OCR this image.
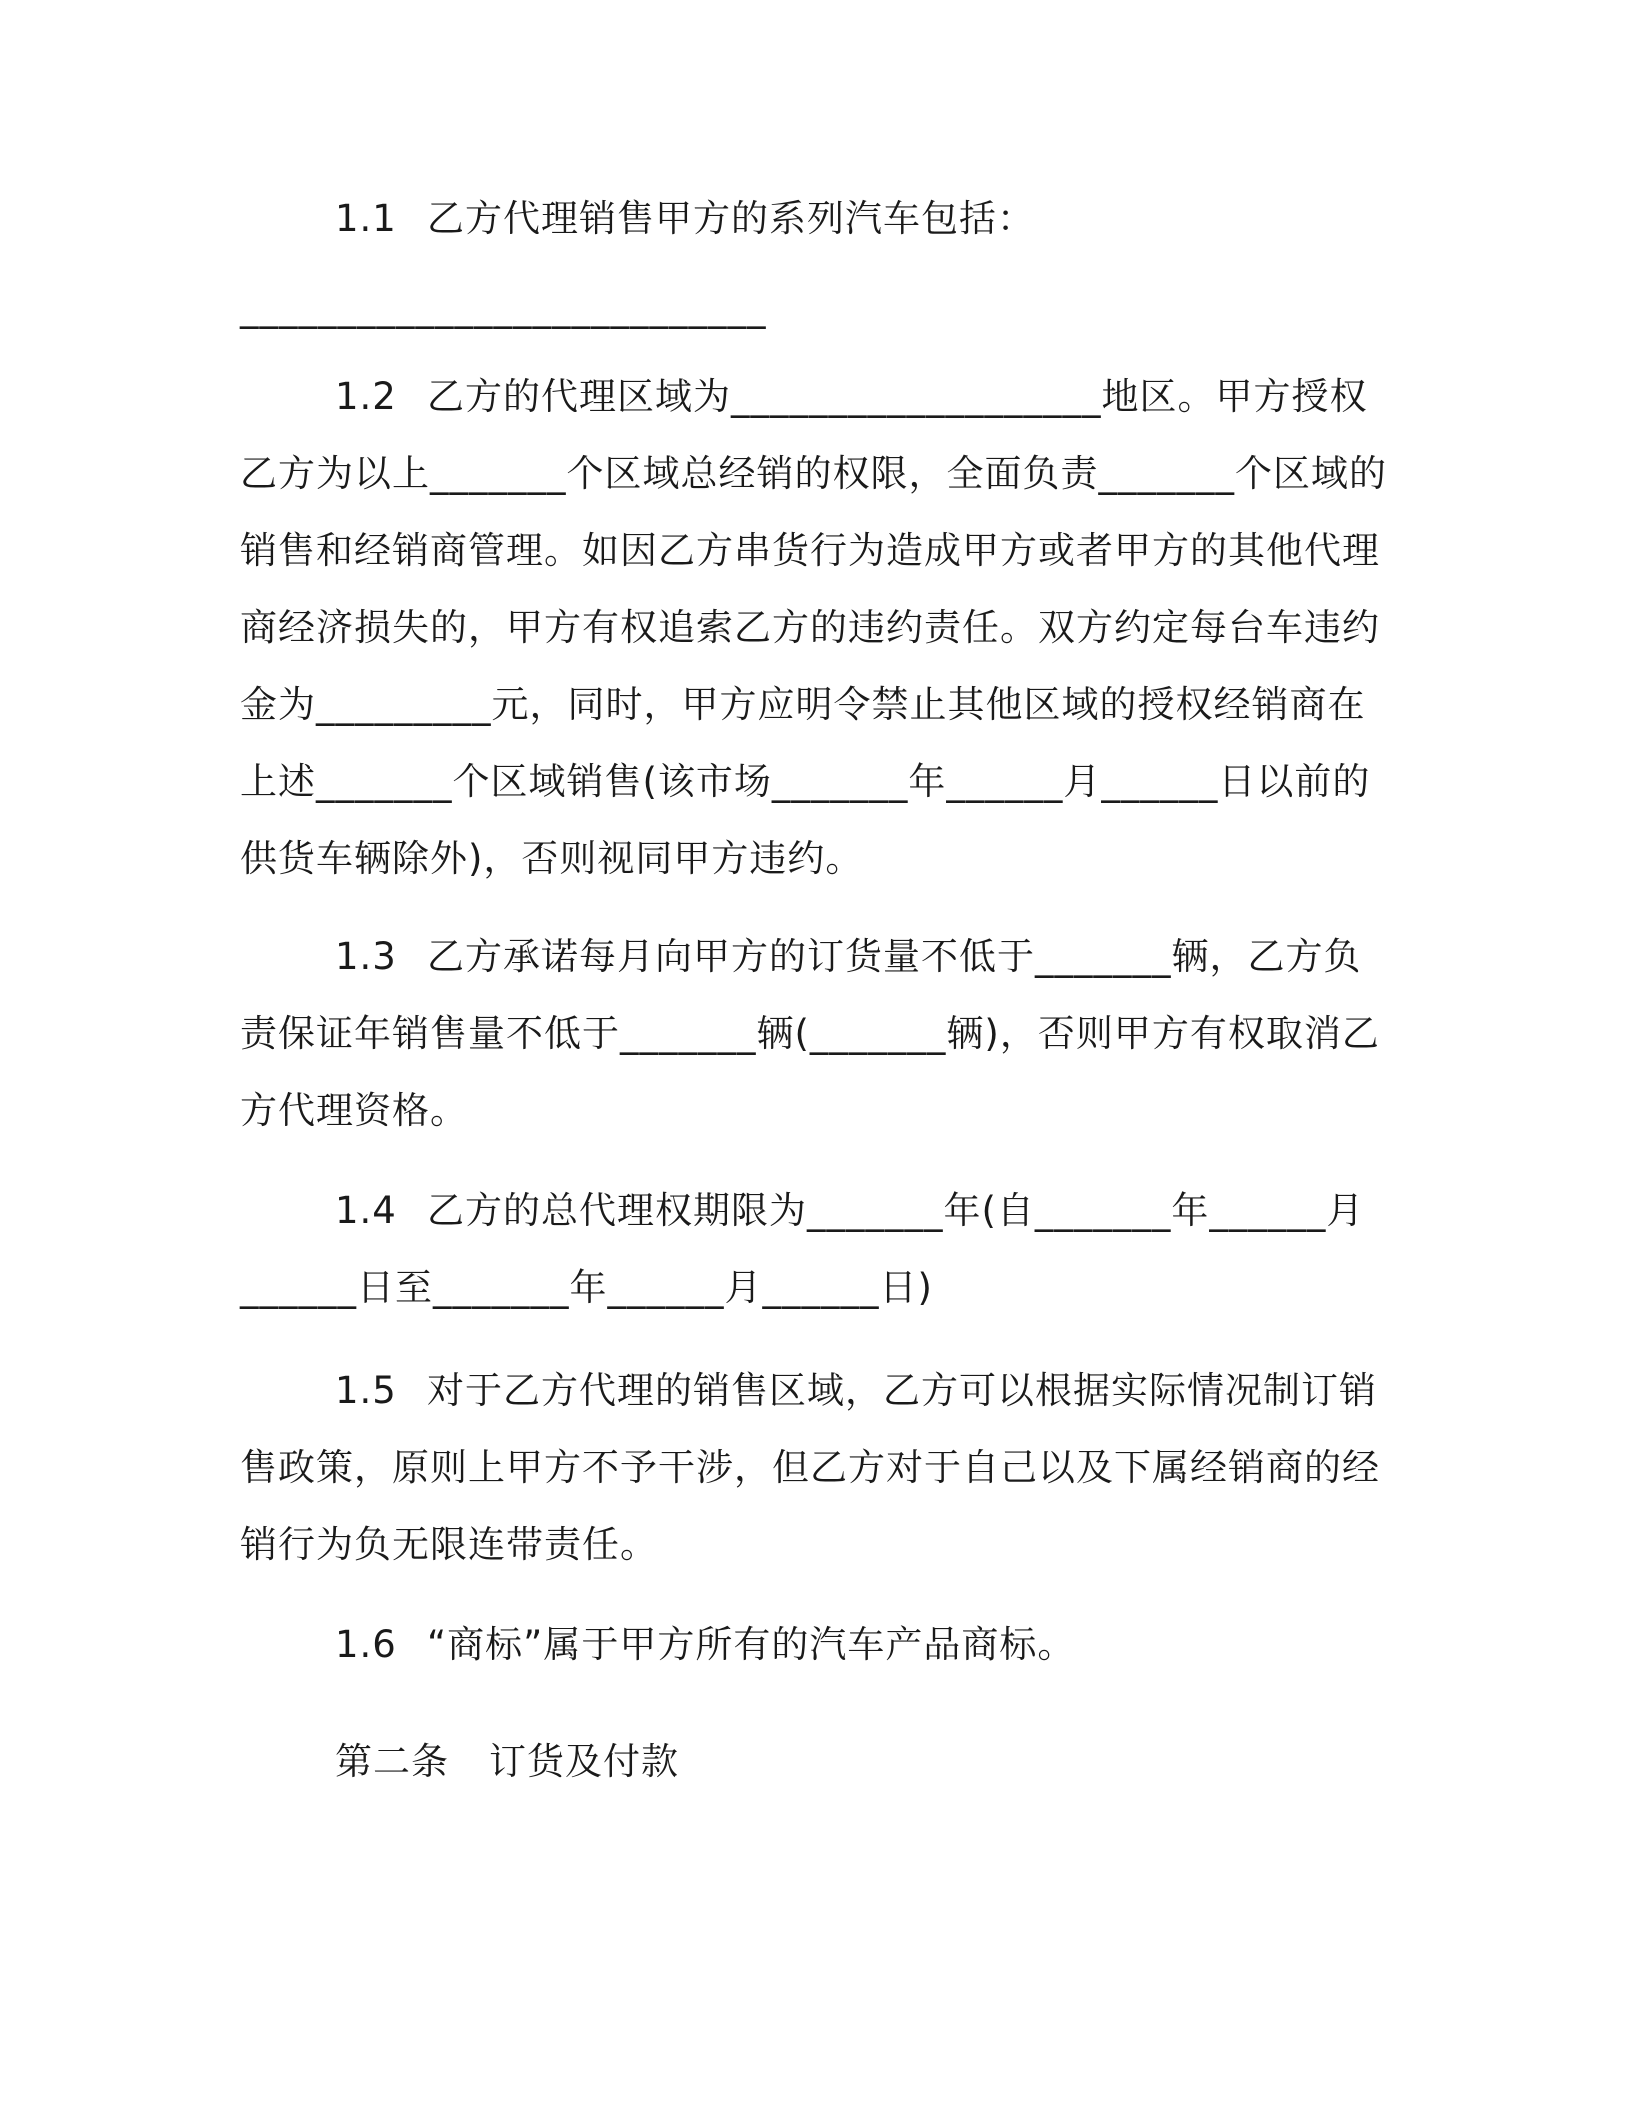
1.1 乙方代理销售甲方的系列汽车包括：

___________________________

1.2 乙方的代理区域为___________________地区。甲方授权乙方为以上_______个区域总经销的权限，全面负责_______个区域的销售和经销商管理。如因乙方串货行为造成甲方或者甲方的其他代理商经济损失的，甲方有权追索乙方的违约责任。双方约定每台车违约金为_________元，同时，甲方应明令禁止其他区域的授权经销商在上述_______个区域销售(该市场_______年______月______日以前的供货车辆除外)，否则视同甲方违约。

1.3 乙方承诺每月向甲方的订货量不低于_______辆，乙方负责保证年销售量不低于_______辆(_______辆)，否则甲方有权取消乙方代理资格。

1.4 乙方的总代理权期限为_______年(自_______年______月______日至_______年______月______日)

1.5 对于乙方代理的销售区域，乙方可以根据实际情况制订销售政策，原则上甲方不予干涉，但乙方对于自己以及下属经销商的经销行为负无限连带责任。

1.6 “商标”属于甲方所有的汽车产品商标。

第二条 订货及付款
